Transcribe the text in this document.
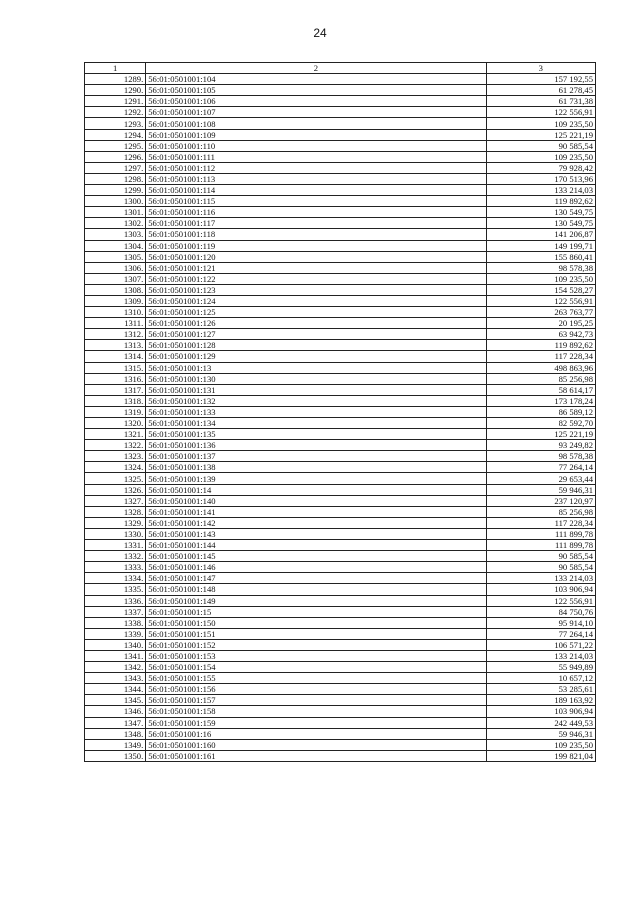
24
1	2	3
1289.	56:01:0501001:104	157 192,55
1290.	56:01:0501001:105	61 278,45
1291.	56:01:0501001:106	61 731,38
1292.	56:01:0501001:107	122 556,91
1293.	56:01:0501001:108	109 235,50
1294.	56:01:0501001:109	125 221,19
1295.	56:01:0501001:110	90 585,54
1296.	56:01:0501001:111	109 235,50
1297.	56:01:0501001:112	79 928,42
1298.	56:01:0501001:113	170 513,96
1299.	56:01:0501001:114	133 214,03
1300.	56:01:0501001:115	119 892,62
1301.	56:01:0501001:116	130 549,75
1302.	56:01:0501001:117	130 549,75
1303.	56:01:0501001:118	141 206,87
1304.	56:01:0501001:119	149 199,71
1305.	56:01:0501001:120	155 860,41
1306.	56:01:0501001:121	98 578,38
1307.	56:01:0501001:122	109 235,50
1308.	56:01:0501001:123	154 528,27
1309.	56:01:0501001:124	122 556,91
1310.	56:01:0501001:125	263 763,77
1311.	56:01:0501001:126	20 195,25
1312.	56:01:0501001:127	63 942,73
1313.	56:01:0501001:128	119 892,62
1314.	56:01:0501001:129	117 228,34
1315.	56:01:0501001:13	498 863,96
1316.	56:01:0501001:130	85 256,98
1317.	56:01:0501001:131	58 614,17
1318.	56:01:0501001:132	173 178,24
1319.	56:01:0501001:133	86 589,12
1320.	56:01:0501001:134	82 592,70
1321.	56:01:0501001:135	125 221,19
1322.	56:01:0501001:136	93 249,82
1323.	56:01:0501001:137	98 578,38
1324.	56:01:0501001:138	77 264,14
1325.	56:01:0501001:139	29 653,44
1326.	56:01:0501001:14	59 946,31
1327.	56:01:0501001:140	237 120,97
1328.	56:01:0501001:141	85 256,98
1329.	56:01:0501001:142	117 228,34
1330.	56:01:0501001:143	111 899,78
1331.	56:01:0501001:144	111 899,78
1332.	56:01:0501001:145	90 585,54
1333.	56:01:0501001:146	90 585,54
1334.	56:01:0501001:147	133 214,03
1335.	56:01:0501001:148	103 906,94
1336.	56:01:0501001:149	122 556,91
1337.	56:01:0501001:15	84 750,76
1338.	56:01:0501001:150	95 914,10
1339.	56:01:0501001:151	77 264,14
1340.	56:01:0501001:152	106 571,22
1341.	56:01:0501001:153	133 214,03
1342.	56:01:0501001:154	55 949,89
1343.	56:01:0501001:155	10 657,12
1344.	56:01:0501001:156	53 285,61
1345.	56:01:0501001:157	189 163,92
1346.	56:01:0501001:158	103 906,94
1347.	56:01:0501001:159	242 449,53
1348.	56:01:0501001:16	59 946,31
1349.	56:01:0501001:160	109 235,50
1350.	56:01:0501001:161	199 821,04
